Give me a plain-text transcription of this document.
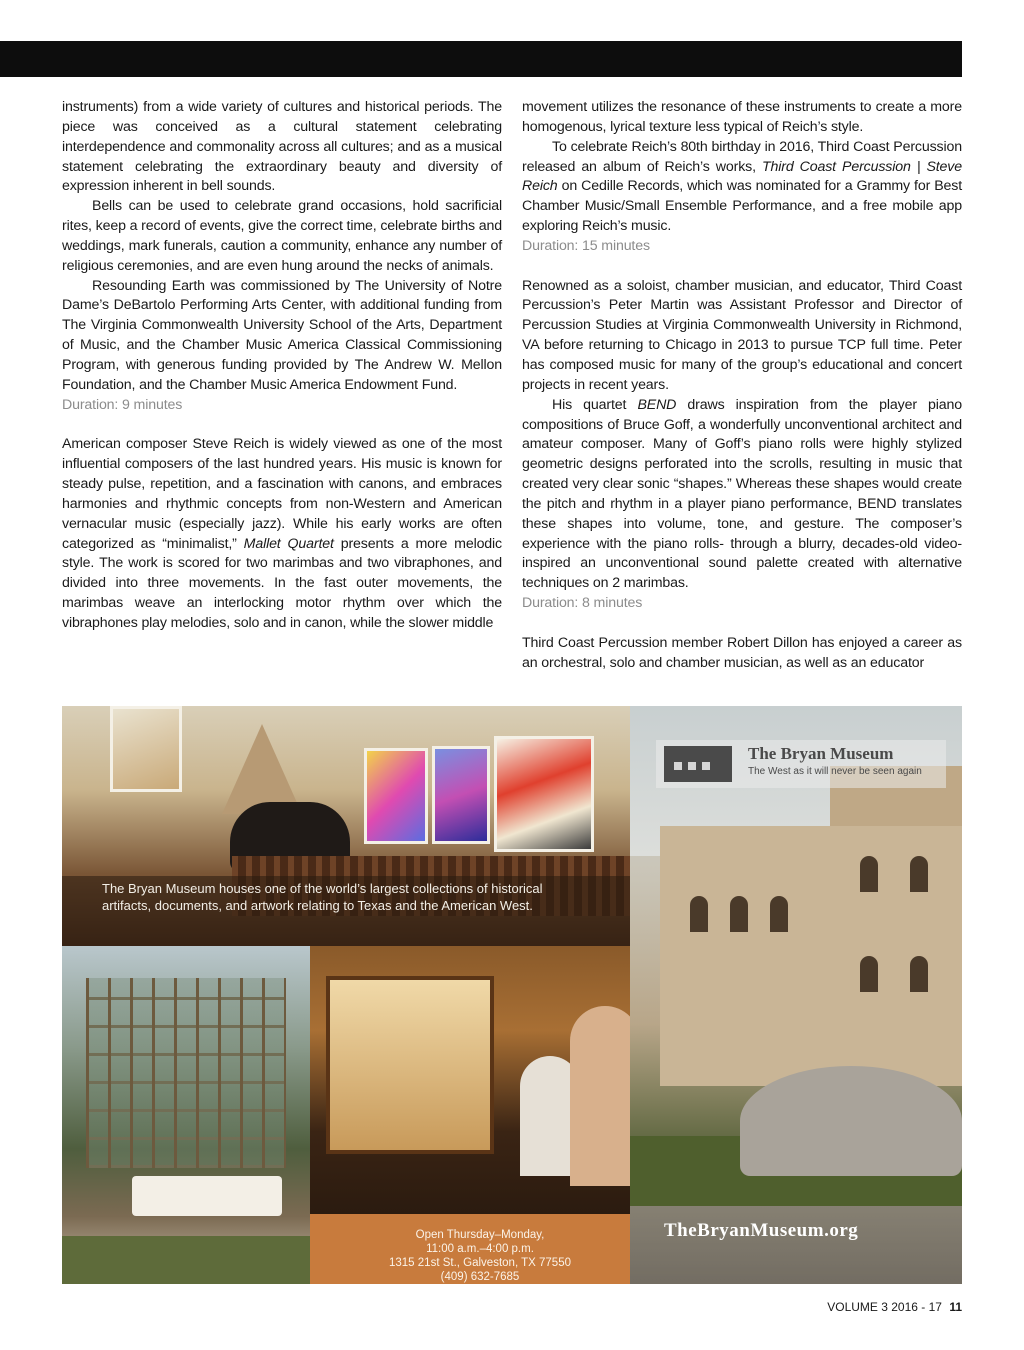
instruments) from a wide variety of cultures and historical periods. The piece was conceived as a cultural statement celebrating interdependence and commonality across all cultures; and as a musical statement celebrating the extraordinary beauty and diversity of expression inherent in bell sounds.

Bells can be used to celebrate grand occasions, hold sacrificial rites, keep a record of events, give the correct time, celebrate births and weddings, mark funerals, caution a community, enhance any number of religious ceremonies, and are even hung around the necks of animals.

Resounding Earth was commissioned by The University of Notre Dame’s DeBartolo Performing Arts Center, with additional funding from The Virginia Commonwealth University School of the Arts, Department of Music, and the Chamber Music America Classical Commissioning Program, with generous funding provided by The Andrew W. Mellon Foundation, and the Chamber Music America Endowment Fund.

Duration: 9 minutes

American composer Steve Reich is widely viewed as one of the most influential composers of the last hundred years. His music is known for steady pulse, repetition, and a fascination with canons, and embraces harmonies and rhythmic concepts from non-Western and American vernacular music (especially jazz). While his early works are often categorized as “minimalist,” Mallet Quartet presents a more melodic style. The work is scored for two marimbas and two vibraphones, and divided into three movements. In the fast outer movements, the marimbas weave an interlocking motor rhythm over which the vibraphones play melodies, solo and in canon, while the slower middle

movement utilizes the resonance of these instruments to create a more homogenous, lyrical texture less typical of Reich’s style.

To celebrate Reich’s 80th birthday in 2016, Third Coast Percussion released an album of Reich’s works, Third Coast Percussion | Steve Reich on Cedille Records, which was nominated for a Grammy for Best Chamber Music/Small Ensemble Performance, and a free mobile app exploring Reich’s music.

Duration: 15 minutes

Renowned as a soloist, chamber musician, and educator, Third Coast Percussion’s Peter Martin was Assistant Professor and Director of Percussion Studies at Virginia Commonwealth University in Richmond, VA before returning to Chicago in 2013 to pursue TCP full time. Peter has composed music for many of the group’s educational and concert projects in recent years.

His quartet BEND draws inspiration from the player piano compositions of Bruce Goff, a wonderfully unconventional architect and amateur composer. Many of Goff’s piano rolls were highly stylized geometric designs perforated into the scrolls, resulting in music that created very clear sonic “shapes.” Whereas these shapes would create the pitch and rhythm in a player piano performance, BEND translates these shapes into volume, tone, and gesture. The composer’s experience with the piano rolls- through a blurry, decades-old video- inspired an unconventional sound palette created with alternative techniques on 2 marimbas.

Duration: 8 minutes

Third Coast Percussion member Robert Dillon has enjoyed a career as an orchestral, solo and chamber musician, as well as an educator

The Bryan Museum houses one of the world’s largest collections of historical
artifacts, documents, and artwork relating to Texas and the American West.
Open Thursday–Monday,
11:00 a.m.–4:00 p.m.
1315 21st St., Galveston, TX 77550
(409) 632-7685
The Bryan Museum
The West as it will never be seen again
TheBryanMuseum.org
VOLUME 3 2016 - 17 11
